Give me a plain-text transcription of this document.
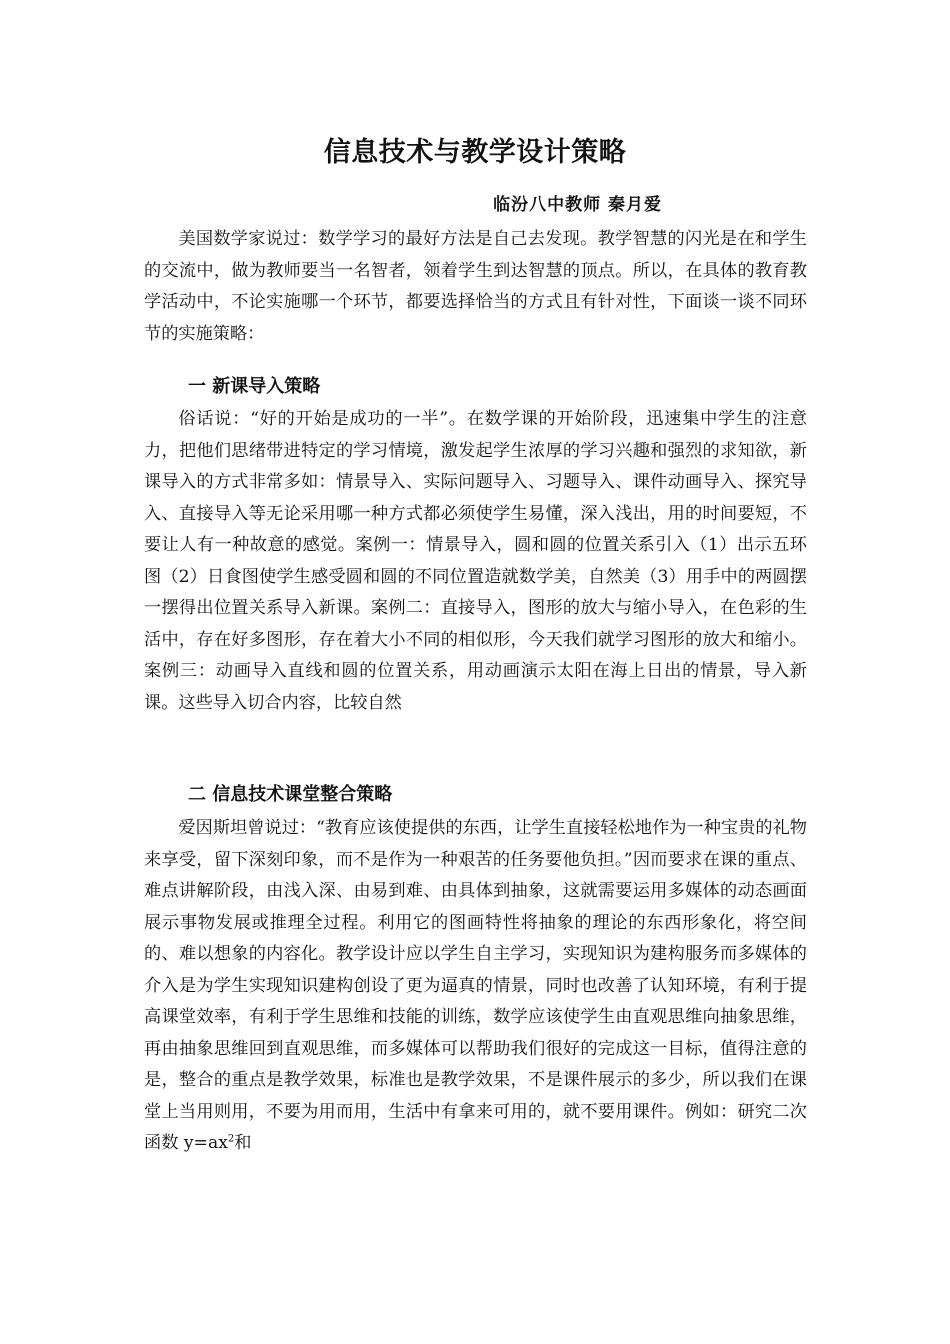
信息技术与教学设计策略
临汾八中教师 秦月爱

美国数学家说过：数学学习的最好方法是自己去发现。教学智慧的闪光是在和学生的交流中，做为教师要当一名智者，领着学生到达智慧的顶点。所以，在具体的教育教学活动中，不论实施哪一个环节，都要选择恰当的方式且有针对性，下面谈一谈不同环节的实施策略：

一 新课导入策略

俗话说：“好的开始是成功的一半”。在数学课的开始阶段，迅速集中学生的注意力，把他们思绪带进特定的学习情境，激发起学生浓厚的学习兴趣和强烈的求知欲，新课导入的方式非常多如：情景导入、实际问题导入、习题导入、课件动画导入、探究导入、直接导入等无论采用哪一种方式都必须使学生易懂，深入浅出，用的时间要短，不要让人有一种故意的感觉。案例一：情景导入，圆和圆的位置关系引入（1）出示五环图（2）日食图使学生感受圆和圆的不同位置造就数学美，自然美（3）用手中的两圆摆一摆得出位置关系导入新课。案例二：直接导入，图形的放大与缩小导入，在色彩的生活中，存在好多图形，存在着大小不同的相似形，今天我们就学习图形的放大和缩小。案例三：动画导入直线和圆的位置关系，用动画演示太阳在海上日出的情景，导入新课。这些导入切合内容，比较自然

二 信息技术课堂整合策略

爱因斯坦曾说过：“教育应该使提供的东西，让学生直接轻松地作为一种宝贵的礼物来享受，留下深刻印象，而不是作为一种艰苦的任务要他负担。”因而要求在课的重点、难点讲解阶段，由浅入深、由易到难、由具体到抽象，这就需要运用多媒体的动态画面展示事物发展或推理全过程。利用它的图画特性将抽象的理论的东西形象化，将空间的、难以想象的内容化。教学设计应以学生自主学习，实现知识为建构服务而多媒体的介入是为学生实现知识建构创设了更为逼真的情景，同时也改善了认知环境，有利于提高课堂效率，有利于学生思维和技能的训练，数学应该使学生由直观思维向抽象思维，再由抽象思维回到直观思维，而多媒体可以帮助我们很好的完成这一目标，值得注意的是，整合的重点是教学效果，标准也是教学效果，不是课件展示的多少，所以我们在课堂上当用则用，不要为用而用，生活中有拿来可用的，就不要用课件。例如：研究二次函数 $y=ax^2$和
